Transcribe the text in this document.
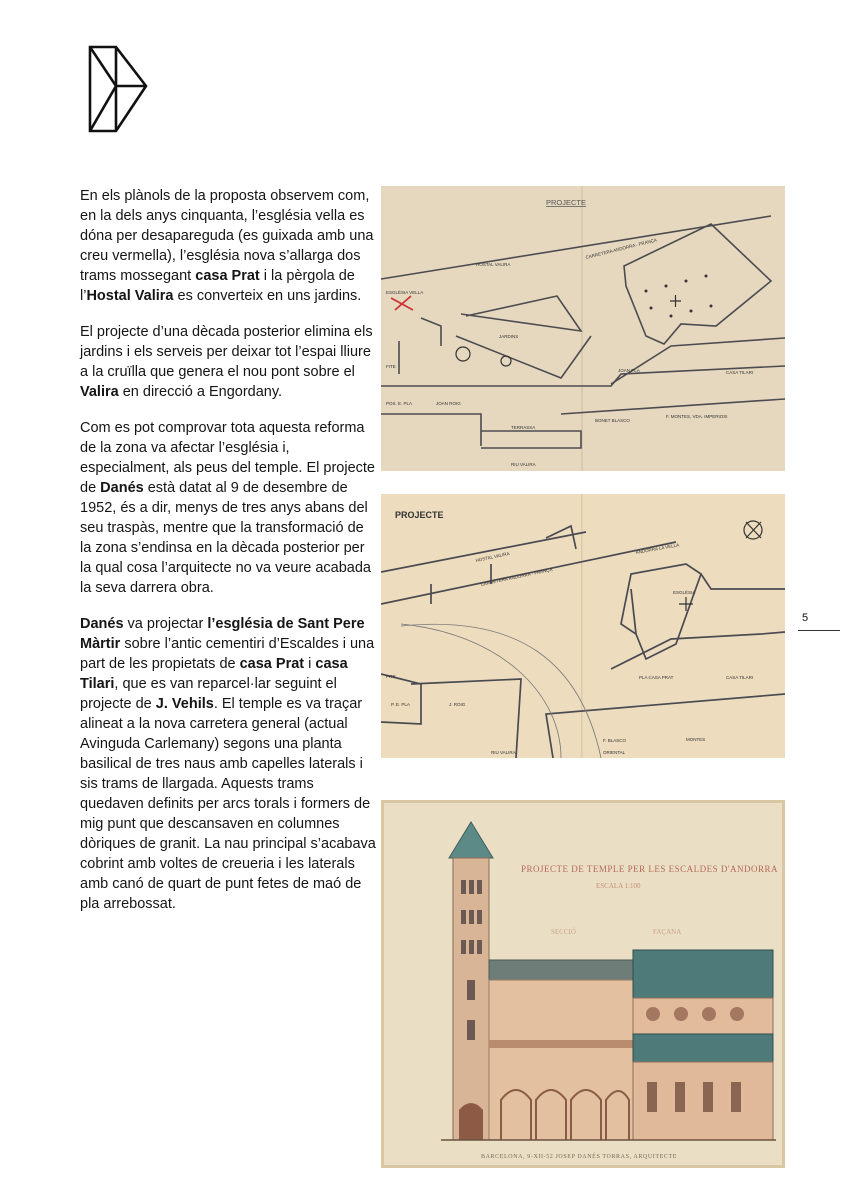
En els plànols de la proposta observem com, en la dels anys cinquanta, l’església vella es dóna per desapareguda (es guixada amb una creu vermella), l’església nova s’allarga dos trams mossegant casa Prat i la pèrgola de l’Hostal Valira es converteix en uns jardins.

El projecte d’una dècada posterior elimina els jardins i els serveis per deixar tot l’espai lliure a la cruïlla que genera el nou pont sobre el Valira en direcció a Engordany.

Com es pot comprovar tota aquesta reforma de la zona va afectar l’església i, especialment, als peus del temple. El projecte de Danés està datat al 9 de desembre de 1952, és a dir, menys de tres anys abans del seu traspàs, mentre que la transformació de la zona s’endinsa en la dècada posterior per la qual cosa l’arquitecte no va veure acabada la seva darrera obra.

Danés va projectar l’església de Sant Pere Màrtir sobre l’antic cementiri d’Escaldes i una part de les propietats de casa Prat i casa Tilari, que es van reparcel·lar seguint el projecte de J. Vehils. El temple es va traçar alineat a la nova carretera general (actual Avinguda Carlemany) segons una planta basilical de tres naus amb capelles laterals i sis trams de llargada. Aquests trams quedaven definits per arcs torals i formers de mig punt que descansaven en columnes dòriques de granit. La nau principal s’acabava cobrint amb voltes de creueria i les laterals amb canó de quart de punt fetes de maó de pla arrebossat.

5
PROJECTE
HOSTAL VALIRA
JARDINS
ESGLÉSIA VELLA
JOAN PLA	CASA TILARI
CARRETERA ANDORRA - FRANÇA
TERRASSA
RIU VALIRA
FITE
POS. E. PLA	JOAN ROIG
BONET BLASCO
F. MONTES, VDA. IMPERIOSI
PROJECTE
HOSTAL VALIRA
CARRETERA ANDORRA - FRANÇA
ANDORRA LA VELLA
ESGLÉSIA
PLA CASA PRAT	CASA TILARI
FITE
P. E. PLA	J. ROIG
F. BLASCO	MONTES
RIU VALIRA	ORIENTAL
PROJECTE DE TEMPLE PER LES ESCALDES D'ANDORRA
ESCALA 1:100
SECCIÓ	FAÇANA
BARCELONA, 9-XII-52 JOSEP DANÉS TORRAS, ARQUITECTE
